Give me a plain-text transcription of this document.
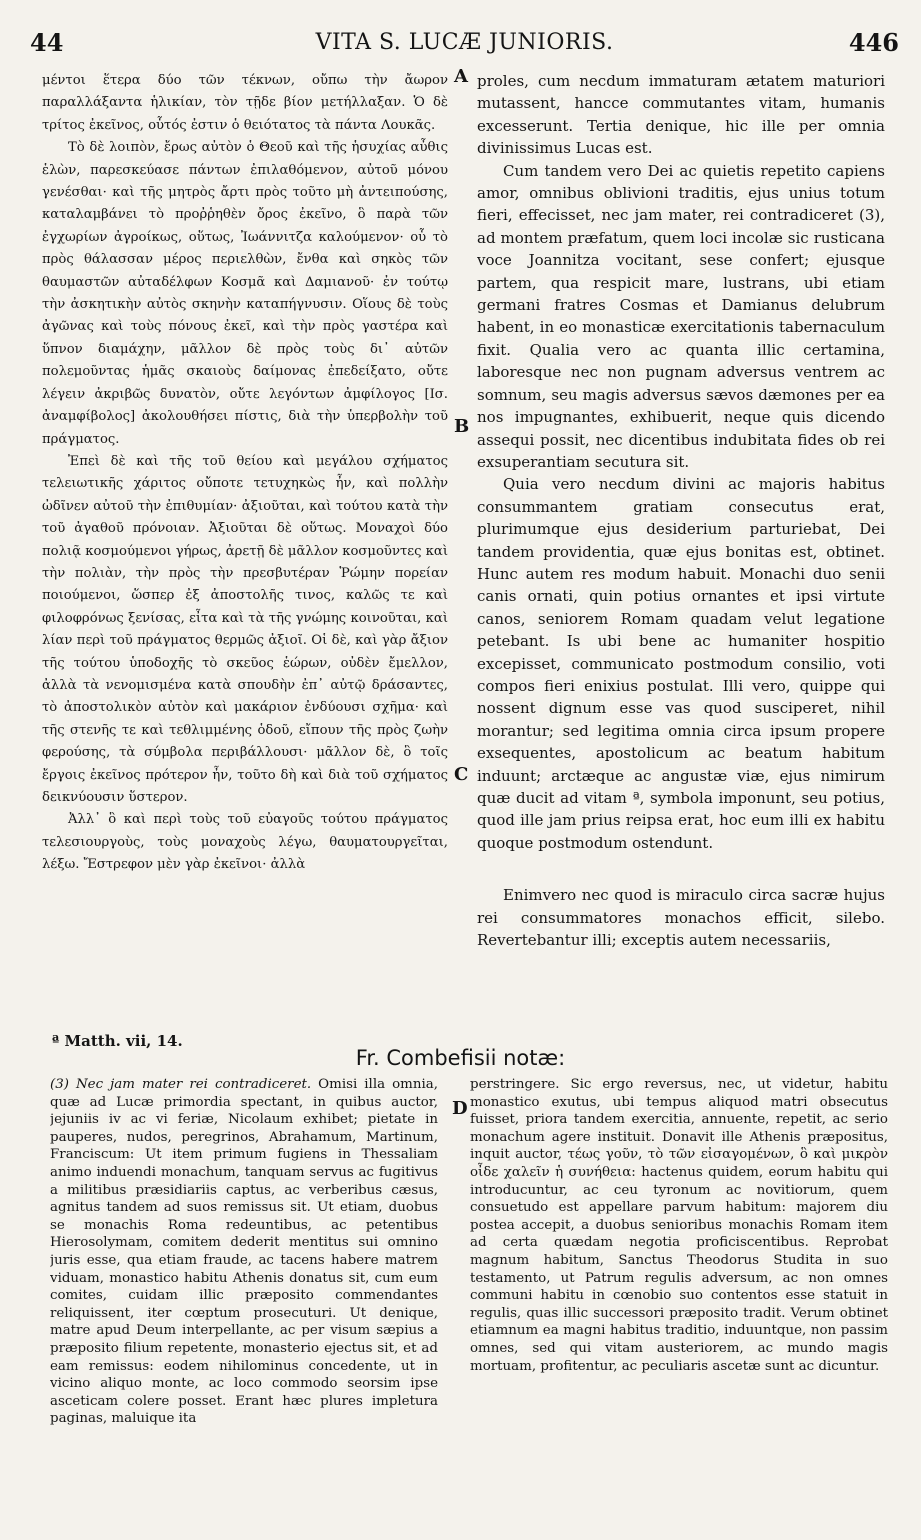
44	VITA S. LUCÆ JUNIORIS.	446

μέντοι ἕτερα δύο τῶν τέκνων, οὔπω τὴν ἄωρον παραλλάξαντα ἡλικίαν, τὸν τῇδε βίον μετήλλαξαν. Ὁ δὲ τρίτος ἐκεῖνος, οὗτός ἐστιν ὁ θειότατος τὰ πάντα Λουκᾶς.

Τὸ δὲ λοιπὸν, ἔρως αὐτὸν ὁ Θεοῦ καὶ τῆς ἡσυχίας αὖθις ἑλὼν, παρεσκεύασε πάντων ἐπιλαθόμενον, αὐτοῦ μόνου γενέσθαι· καὶ τῆς μητρὸς ἄρτι πρὸς τοῦτο μὴ ἀντειπούσης, καταλαμβάνει τὸ προῤῥηθὲν ὄρος ἐκεῖνο, ὃ παρὰ τῶν ἐγχωρίων ἀγροίκως, οὕτως, Ἰωάννιτζα καλούμενον· οὗ τὸ πρὸς θάλασσαν μέρος περιελθὼν, ἔνθα καὶ σηκὸς τῶν θαυμαστῶν αὐταδέλφων Κοσμᾶ καὶ Δαμιανοῦ· ἐν τούτῳ τὴν ἀσκητικὴν αὐτὸς σκηνὴν καταπήγνυσιν. Οἵους δὲ τοὺς ἀγῶνας καὶ τοὺς πόνους ἐκεῖ, καὶ τὴν πρὸς γαστέρα καὶ ὕπνον διαμάχην, μᾶλλον δὲ πρὸς τοὺς δι᾽ αὐτῶν πολεμοῦντας ἡμᾶς σκαιοὺς δαίμονας ἐπεδείξατο, οὔτε λέγειν ἀκριβῶς δυνατὸν, οὔτε λεγόντων ἀμφίλογος [Ισ. ἀναμφίβολος] ἀκολουθήσει πίστις, διὰ τὴν ὑπερβολὴν τοῦ πράγματος.

Ἐπεὶ δὲ καὶ τῆς τοῦ θείου καὶ μεγάλου σχήματος τελειωτικῆς χάριτος οὔποτε τετυχηκὼς ἦν, καὶ πολλὴν ὠδῖνεν αὐτοῦ τὴν ἐπιθυμίαν· ἀξιοῦται, καὶ τούτου κατὰ τὴν τοῦ ἀγαθοῦ πρόνοιαν. Ἀξιοῦται δὲ οὕτως. Μοναχοὶ δύο πολιᾷ κοσμούμενοι γήρως, ἀρετῇ δὲ μᾶλλον κοσμοῦντες καὶ τὴν πολιὰν, τὴν πρὸς τὴν πρεσβυτέραν Ῥώμην πορείαν ποιούμενοι, ὥσπερ ἐξ ἀποστολῆς τινος, καλῶς τε καὶ φιλοφρόνως ξενίσας, εἶτα καὶ τὰ τῆς γνώμης κοινοῦται, καὶ λίαν περὶ τοῦ πράγματος θερμῶς ἀξιοῖ. Οἱ δὲ, καὶ γὰρ ἄξιον τῆς τούτου ὑποδοχῆς τὸ σκεῦος ἑώρων, οὐδὲν ἔμελλον, ἀλλὰ τὰ νενομισμένα κατὰ σπουδὴν ἐπ᾽ αὐτῷ δράσαντες, τὸ ἀποστολικὸν αὐτὸν καὶ μακάριον ἐνδύουσι σχῆμα· καὶ τῆς στενῆς τε καὶ τεθλιμμένης ὁδοῦ, εἴπουν τῆς πρὸς ζωὴν φερούσης, τὰ σύμβολα περιβάλλουσι· μᾶλλον δὲ, ὃ τοῖς ἔργοις ἐκεῖνος πρότερον ἦν, τοῦτο δὴ καὶ διὰ τοῦ σχήματος δεικνύουσιν ὕστερον.

Ἀλλ᾽ ὃ καὶ περὶ τοὺς τοῦ εὐαγοῦς τούτου πράγματος τελεσιουργοὺς, τοὺς μοναχοὺς λέγω, θαυματουργεῖται, λέξω. Ἔστρεφον μὲν γὰρ ἐκεῖνοι· ἀλλὰ

ª Matth. vii, 14.
A
B
C
D

proles, cum necdum immaturam ætatem maturiori mutassent, hancce commutantes vitam, humanis excesserunt. Tertia denique, hic ille per omnia divinissimus Lucas est.

Cum tandem vero Dei ac quietis repetito capiens amor, omnibus oblivioni traditis, ejus unius totum fieri, effecisset, nec jam mater, rei contradiceret (3), ad montem præfatum, quem loci incolæ sic rusticana voce Joannitza vocitant, sese confert; ejusque partem, qua respicit mare, lustrans, ubi etiam germani fratres Cosmas et Damianus delubrum habent, in eo monasticæ exercitationis tabernaculum fixit. Qualia vero ac quanta illic certamina, laboresque nec non pugnam adversus ventrem ac somnum, seu magis adversus sævos dæmones per ea nos impugnantes, exhibuerit, neque quis dicendo assequi possit, nec dicentibus indubitata fides ob rei exsuperantiam secutura sit.

Quia vero necdum divini ac majoris habitus consummantem gratiam consecutus erat, plurimumque ejus desiderium parturiebat, Dei tandem providentia, quæ ejus bonitas est, obtinet. Hunc autem res modum habuit. Monachi duo senii canis ornati, quin potius ornantes et ipsi virtute canos, seniorem Romam quadam velut legatione petebant. Is ubi bene ac humaniter hospitio excepisset, communicato postmodum consilio, voti compos fieri enixius postulat. Illi vero, quippe qui nossent dignum esse vas quod susciperet, nihil morantur; sed legitima omnia circa ipsum propere exsequentes, apostolicum ac beatum habitum induunt; arctæque ac angustæ viæ, ejus nimirum quæ ducit ad vitam ª, symbola imponunt, seu potius, quod ille jam prius reipsa erat, hoc eum illi ex habitu quoque postmodum ostendunt.

Enimvero nec quod is miraculo circa sacræ hujus rei consummatores monachos efficit, silebo. Revertebantur illi; exceptis autem necessariis,

Fr. Combefisii notæ:

(3) Nec jam mater rei contradiceret. Omisi illa omnia, quæ ad Lucæ primordia spectant, in quibus auctor, jejuniis iv ac vi feriæ, Nicolaum exhibet; pietate in pauperes, nudos, peregrinos, Abrahamum, Martinum, Franciscum: Ut item primum fugiens in Thessaliam animo induendi monachum, tanquam servus ac fugitivus a militibus præsidiariis captus, ac verberibus cæsus, agnitus tandem ad suos remissus sit. Ut etiam, duobus se monachis Roma redeuntibus, ac petentibus Hierosolymam, comitem dederit mentitus sui omnino juris esse, qua etiam fraude, ac tacens habere matrem viduam, monastico habitu Athenis donatus sit, cum eum comites, cuidam illic præposito commendantes reliquissent, iter cœptum prosecuturi. Ut denique, matre apud Deum interpellante, ac per visum sæpius a præposito filium repetente, monasterio ejectus sit, et ad eam remissus: eodem nihilominus concedente, ut in vicino aliquo monte, ac loco commodo seorsim ipse asceticam colere posset. Erant hæc plures impletura paginas, maluique ita

perstringere. Sic ergo reversus, nec, ut videtur, habitu monastico exutus, ubi tempus aliquod matri obsecutus fuisset, priora tandem exercitia, annuente, repetit, ac serio monachum agere instituit. Donavit ille Athenis præpositus, inquit auctor, τέως γοῦν, τὸ τῶν εἰσαγομένων, ὃ καὶ μικρὸν οἶδε χαλεῖν ἡ συνήθεια: hactenus quidem, eorum habitu qui introducuntur, ac ceu tyronum ac novitiorum, quem consuetudo est appellare parvum habitum: majorem diu postea accepit, a duobus senioribus monachis Romam item ad certa quædam negotia proficiscentibus. Reprobat magnum habitum, Sanctus Theodorus Studita in suo testamento, ut Patrum regulis adversum, ac non omnes communi habitu in cœnobio suo contentos esse statuit in regulis, quas illic successori præposito tradit. Verum obtinet etiamnum ea magni habitus traditio, induuntque, non passim omnes, sed qui vitam austeriorem, ac mundo magis mortuam, profitentur, ac peculiaris ascetæ sunt ac dicuntur.
